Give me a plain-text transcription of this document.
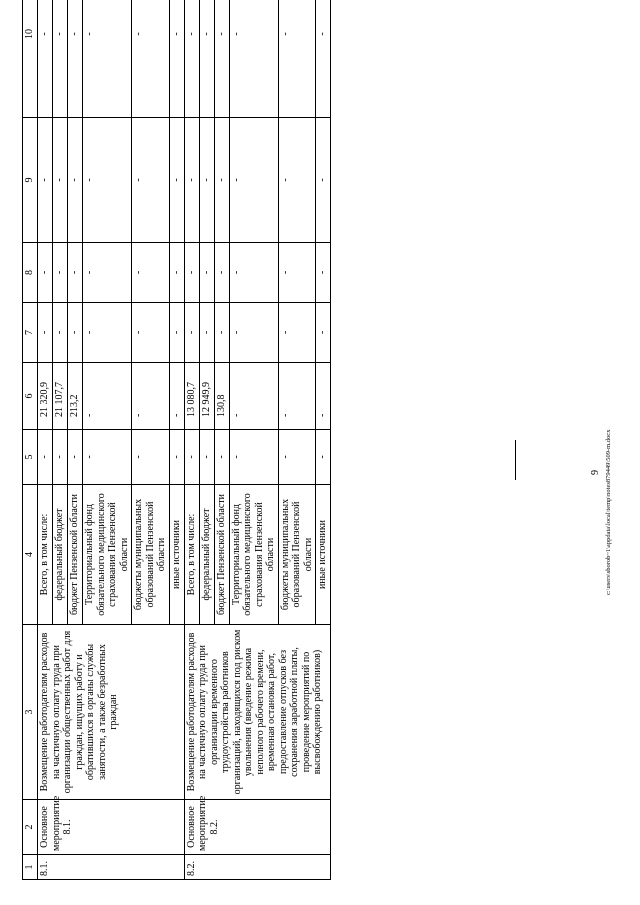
1	2	3	4	5	6	7	8	9	10
8.1.	Основное мероприятие 8.1.	Возмещение работодателям расходов на частичную оплату труда при организации общественных работ для граждан, ищущих работу и обратившихся в органы службы занятости, а также безработных граждан	Всего, в том числе:	-	21 320,9	-	-	-	-
			федеральный бюджет	-	21 107,7	-	-	-	-
			бюджет Пензенской области	-	213,2	-	-	-	-
			Территориальный фонд обязательного медицинского страхования Пензенской области	-	-	-	-	-	-
			бюджеты муниципальных образований Пензенской области	-	-	-	-	-	-
			иные источники	-	-	-	-	-	-
8.2.	Основное мероприятие 8.2.	Возмещение работодателям расходов на частичную оплату труда при организации временного трудоустройства работников организаций, находящихся под риском увольнения (введение режима неполного рабочего времени, временная остановка работ, предоставление отпусков без сохранения заработной платы, проведение мероприятий по высвобождению работников)	Всего, в том числе:	-	13 080,7	-	-	-	-
			федеральный бюджет	-	12 949,9	-	-	-	-
			бюджет Пензенской области	-	130,8	-	-	-	-
			Территориальный фонд обязательного медицинского страхования Пензенской области	-	-	-	-	-	-
			бюджеты муниципальных образований Пензенской области	-	-	-	-	-	-
			иные источники	-	-	-	-	-	-
9 c:\users\sborob~1\appdata\local\temp\notes879449\509-m.docx
